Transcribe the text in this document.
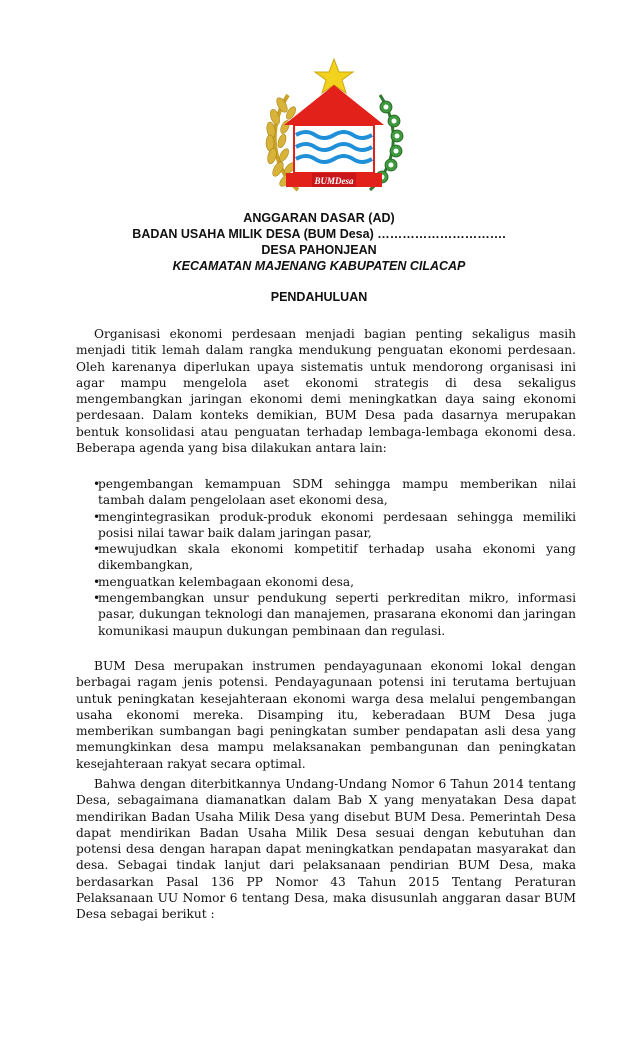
BUMDesa
ANGGARAN DASAR (AD)
BADAN USAHA MILIK DESA (BUM Desa) ………………………….
DESA PAHONJEAN
KECAMATAN MAJENANG KABUPATEN CILACAP
PENDAHULUAN

Organisasi ekonomi perdesaan menjadi bagian penting sekaligus masih menjadi titik lemah dalam rangka mendukung penguatan ekonomi perdesaan. Oleh karenanya diperlukan upaya sistematis untuk mendorong organisasi ini agar mampu mengelola aset ekonomi strategis di desa sekaligus mengembangkan jaringan ekonomi demi meningkatkan daya saing ekonomi perdesaan. Dalam konteks demikian, BUM Desa pada dasarnya merupakan bentuk konsolidasi atau penguatan terhadap lembaga-lembaga ekonomi desa. Beberapa agenda yang bisa dilakukan antara lain:

• pengembangan kemampuan SDM sehingga mampu memberikan nilai tambah dalam pengelolaan aset ekonomi desa,
• mengintegrasikan produk-produk ekonomi perdesaan sehingga memiliki posisi nilai tawar baik dalam jaringan pasar,
• mewujudkan skala ekonomi kompetitif terhadap usaha ekonomi yang dikembangkan,
• menguatkan kelembagaan ekonomi desa,
• mengembangkan unsur pendukung seperti perkreditan mikro, informasi pasar, dukungan teknologi dan manajemen, prasarana ekonomi dan jaringan komunikasi maupun dukungan pembinaan dan regulasi.

BUM Desa merupakan instrumen pendayagunaan ekonomi lokal dengan berbagai ragam jenis potensi. Pendayagunaan potensi ini terutama bertujuan untuk peningkatan kesejahteraan ekonomi warga desa melalui pengembangan usaha ekonomi mereka. Disamping itu, keberadaan BUM Desa juga memberikan sumbangan bagi peningkatan sumber pendapatan asli desa yang memungkinkan desa mampu melaksanakan pembangunan dan peningkatan kesejahteraan rakyat secara optimal.

Bahwa dengan diterbitkannya Undang-Undang Nomor 6 Tahun 2014 tentang Desa, sebagaimana diamanatkan dalam Bab X yang menyatakan Desa dapat mendirikan Badan Usaha Milik Desa yang disebut BUM Desa. Pemerintah Desa dapat mendirikan Badan Usaha Milik Desa sesuai dengan kebutuhan dan potensi desa dengan harapan dapat meningkatkan pendapatan masyarakat dan desa. Sebagai tindak lanjut dari pelaksanaan pendirian BUM Desa, maka berdasarkan Pasal 136 PP Nomor 43 Tahun 2015 Tentang Peraturan Pelaksanaan UU Nomor 6 tentang Desa, maka disusunlah anggaran dasar BUM Desa sebagai berikut :
